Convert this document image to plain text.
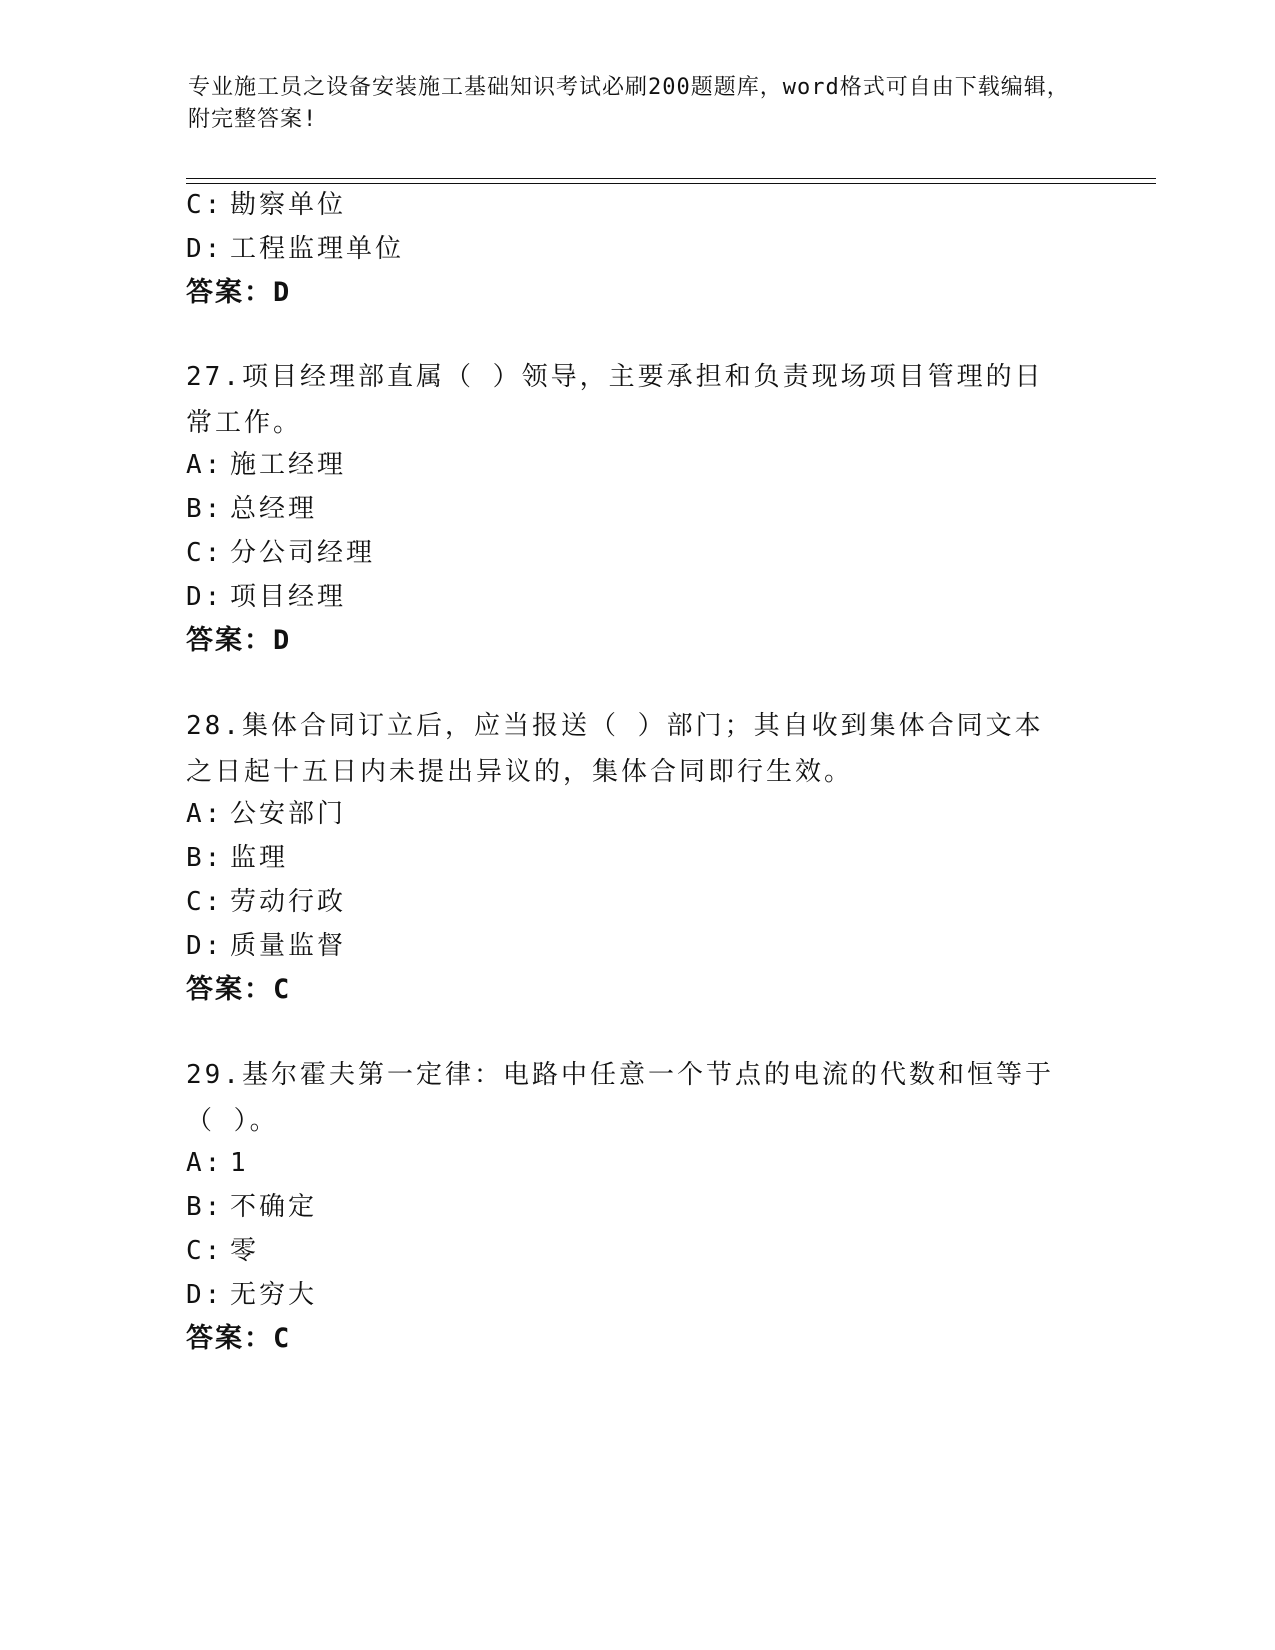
专业施工员之设备安装施工基础知识考试必刷200题题库，word格式可自由下载编辑，附完整答案!
C: 勘察单位
D: 工程监理单位
答案：D
27.项目经理部直属（ ）领导，主要承担和负责现场项目管理的日常工作。
A: 施工经理
B: 总经理
C: 分公司经理
D: 项目经理
答案：D
28.集体合同订立后，应当报送（ ）部门；其自收到集体合同文本之日起十五日内未提出异议的，集体合同即行生效。
A: 公安部门
B: 监理
C: 劳动行政
D: 质量监督
答案：C
29.基尔霍夫第一定律：电路中任意一个节点的电流的代数和恒等于（ ）。
A: 1
B: 不确定
C: 零
D: 无穷大
答案：C
